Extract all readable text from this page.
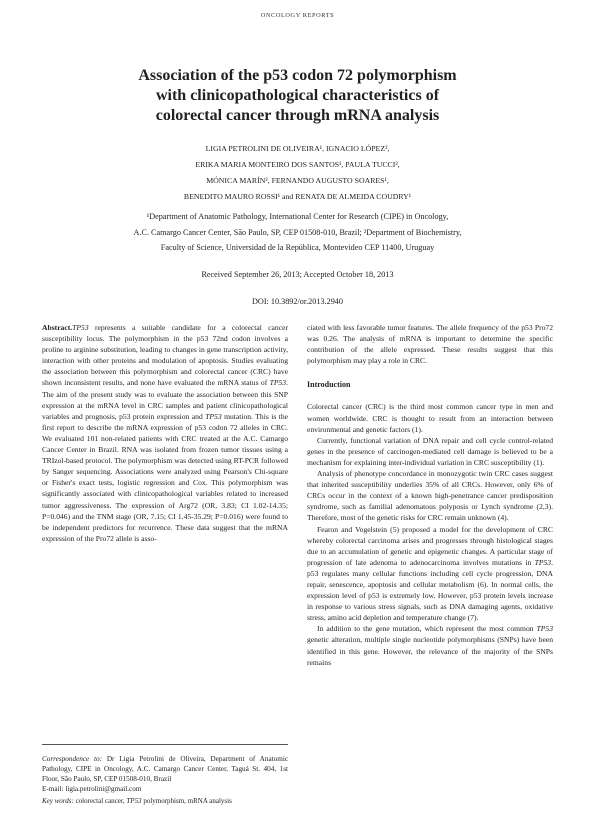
ONCOLOGY REPORTS
Association of the p53 codon 72 polymorphism
with clinicopathological characteristics of
colorectal cancer through mRNA analysis
LIGIA PETROLINI DE OLIVEIRA¹, IGNACIO LÓPEZ²,
ERIKA MARIA MONTEIRO DOS SANTOS¹, PAULA TUCCI²,
MÓNICA MARÍN², FERNANDO AUGUSTO SOARES¹,
BENEDITO MAURO ROSSI¹ and RENATA DE ALMEIDA COUDRY¹
¹Department of Anatomic Pathology, International Center for Research (CIPE) in Oncology,
A.C. Camargo Cancer Center, São Paulo, SP, CEP 01508-010, Brazil; ²Department of Biochemistry,
Faculty of Science, Universidad de la República, Montevideo CEP 11400, Uruguay
Received September 26, 2013; Accepted October 18, 2013
DOI: 10.3892/or.2013.2940

Abstract.TP53 represents a suitable candidate for a colorectal cancer susceptibility locus. The polymorphism in the p53 72nd codon involves a proline to arginine substitution, leading to changes in gene transcription activity, interaction with other proteins and modulation of apoptosis. Studies evaluating the association between this polymorphism and colorectal cancer (CRC) have shown inconsistent results, and none have evaluated the mRNA status of TP53. The aim of the present study was to evaluate the association between this SNP expression at the mRNA level in CRC samples and patient clinicopathological variables and prognosis, p53 protein expression and TP53 mutation. This is the first report to describe the mRNA expression of p53 codon 72 alleles in CRC. We evaluated 101 non-related patients with CRC treated at the A.C. Camargo Cancer Center in Brazil. RNA was isolated from frozen tumor tissues using a TRIzol-based protocol. The polymorphism was detected using RT-PCR followed by Sanger sequencing. Associations were analyzed using Pearson's Chi-square or Fisher's exact tests, logistic regression and Cox. This polymorphism was significantly associated with clinicopathological variables related to increased tumor aggressiveness. The expression of Arg72 (OR, 3.83; CI 1.02-14.35; P=0.046) and the TNM stage (OR, 7.15; CI 1.45-35.29; P=0.016) were found to be independent predictors for recurrence. These data suggest that the mRNA expression of the Pro72 allele is asso-

ciated with less favorable tumor features. The allele frequency of the p53 Pro72 was 0.26. The analysis of mRNA is important to determine the specific contribution of the allele expressed. These results suggest that this polymorphism may play a role in CRC.

Introduction

Colorectal cancer (CRC) is the third most common cancer type in men and women worldwide. CRC is thought to result from an interaction between environmental and genetic factors (1).

Currently, functional variation of DNA repair and cell cycle control-related genes in the presence of carcinogen-mediated cell damage is believed to be a mechanism for explaining inter-individual variation in CRC susceptibility (1).

Analysis of phenotype concordance in monozygotic twin CRC cases suggest that inherited susceptibility underlies 35% of all CRCs. However, only 6% of CRCs occur in the context of a known high-penetrance cancer predisposition syndrome, such as familial adenomatous polyposis or Lynch syndrome (2,3). Therefore, most of the genetic risks for CRC remain unknown (4).

Fearon and Vogelstein (5) proposed a model for the development of CRC whereby colorectal carcinoma arises and progresses through histological stages due to an accumulation of genetic and epigenetic changes. A particular stage of progression of late adenoma to adenocarcinoma involves mutations in TP53. p53 regulates many cellular functions including cell cycle progression, DNA repair, senescence, apoptosis and cellular metabolism (6). In normal cells, the expression level of p53 is extremely low. However, p53 protein levels increase in response to various stress signals, such as DNA damaging agents, oxidative stress, amino acid depletion and temperature change (7).

In addition to the gene mutation, which represent the most common TP53 genetic alteration, multiple single nucleotide polymorphisms (SNPs) have been identified in this gene. However, the relevance of the majority of the SNPs remains

Correspondence to: Dr Ligia Petrolini de Oliveira, Department of Anatomic Pathology, CIPE in Oncology, A.C. Camargo Cancer Center, Taguá St. 404, 1st Floor, São Paulo, SP, CEP 01508-010, Brazil
E-mail: ligia.petrolini@gmail.com
Key words: colorectal cancer, TP53 polymorphism, mRNA analysis
